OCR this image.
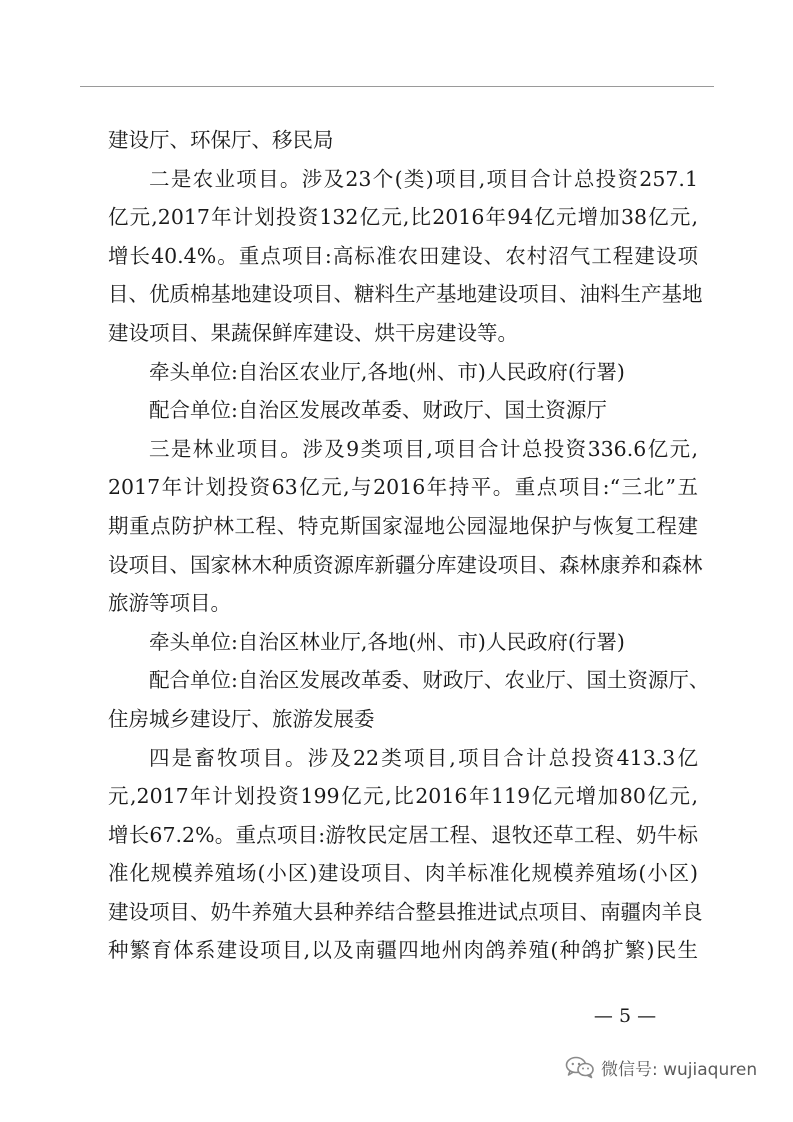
建设厅、环保厅、移民局
二是农业项目。涉及23个(类)项目,项目合计总投资257.1
亿元,2017年计划投资132亿元,比2016年94亿元增加38亿元,
增长40.4%。重点项目:高标准农田建设、农村沼气工程建设项
目、优质棉基地建设项目、糖料生产基地建设项目、油料生产基地
建设项目、果蔬保鲜库建设、烘干房建设等。
牵头单位:自治区农业厅,各地(州、市)人民政府(行署)
配合单位:自治区发展改革委、财政厅、国土资源厅
三是林业项目。涉及9类项目,项目合计总投资336.6亿元,
2017年计划投资63亿元,与2016年持平。重点项目:“三北”五
期重点防护林工程、特克斯国家湿地公园湿地保护与恢复工程建
设项目、国家林木种质资源库新疆分库建设项目、森林康养和森林
旅游等项目。
牵头单位:自治区林业厅,各地(州、市)人民政府(行署)
配合单位:自治区发展改革委、财政厅、农业厅、国土资源厅、
住房城乡建设厅、旅游发展委
四是畜牧项目。涉及22类项目,项目合计总投资413.3亿
元,2017年计划投资199亿元,比2016年119亿元增加80亿元,
增长67.2%。重点项目:游牧民定居工程、退牧还草工程、奶牛标
准化规模养殖场(小区)建设项目、肉羊标准化规模养殖场(小区)
建设项目、奶牛养殖大县种养结合整县推进试点项目、南疆肉羊良
种繁育体系建设项目,以及南疆四地州肉鸽养殖(种鸽扩繁)民生
— 5 —
微信号: wujiaquren
